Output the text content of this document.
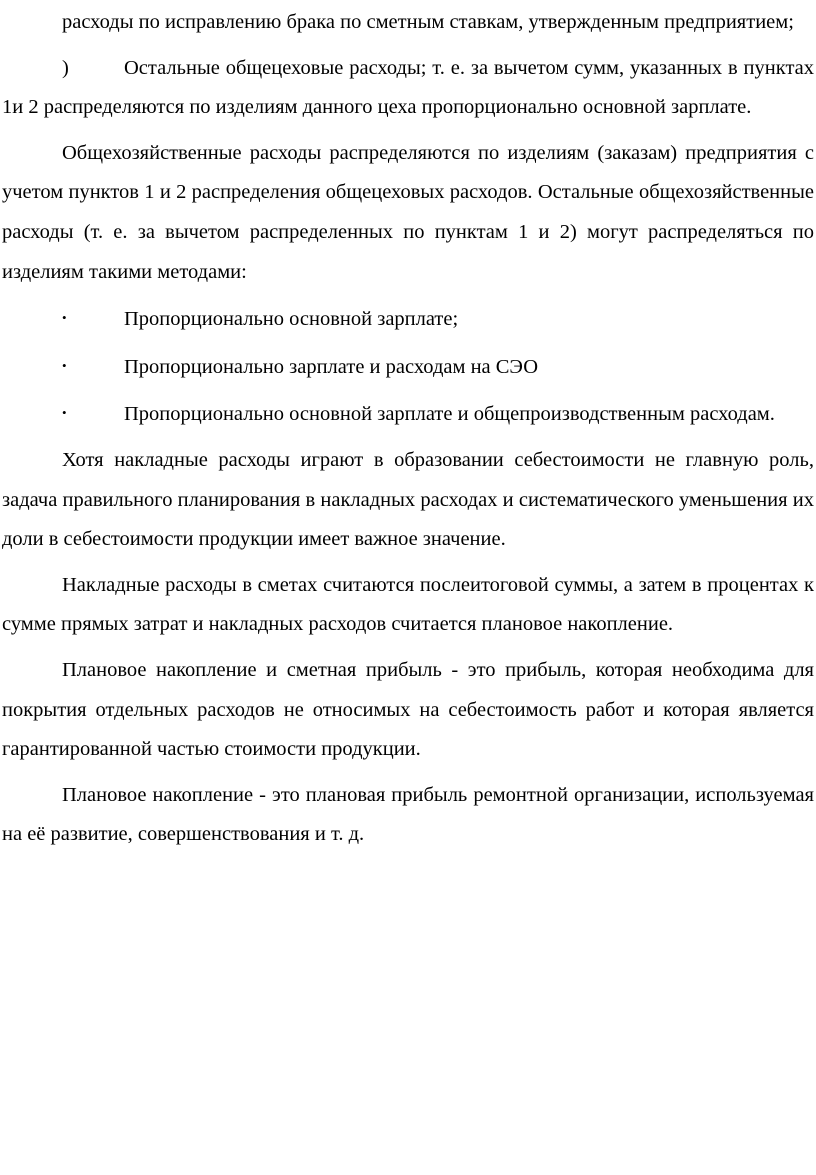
расходы по исправлению брака по сметным ставкам, утвержденным предприятием;

)	Остальные общецеховые расходы; т. е. за вычетом сумм, указанных в пунктах 1и 2 распределяются по изделиям данного цеха пропорционально основной зарплате.

Общехозяйственные расходы распределяются по изделиям (заказам) предприятия с учетом пунктов 1 и 2 распределения общецеховых расходов. Остальные общехозяйственные расходы (т. е. за вычетом распределенных по пунктам 1 и 2) могут распределяться по изделиям такими методами:

•	Пропорционально основной зарплате;

•	Пропорционально зарплате и расходам на СЭО

•	Пропорционально основной зарплате и общепроизводственным расходам.

Хотя накладные расходы играют в образовании себестоимости не главную роль, задача правильного планирования в накладных расходах и систематического уменьшения их доли в себестоимости продукции имеет важное значение.

Накладные расходы в сметах считаются послеитоговой суммы, а затем в процентах к сумме прямых затрат и накладных расходов считается плановое накопление.

Плановое накопление и сметная прибыль - это прибыль, которая необходима для покрытия отдельных расходов не относимых на себестоимость работ и которая является гарантированной частью стоимости продукции.

Плановое накопление - это плановая прибыль ремонтной организации, используемая на её развитие, совершенствования и т. д.
